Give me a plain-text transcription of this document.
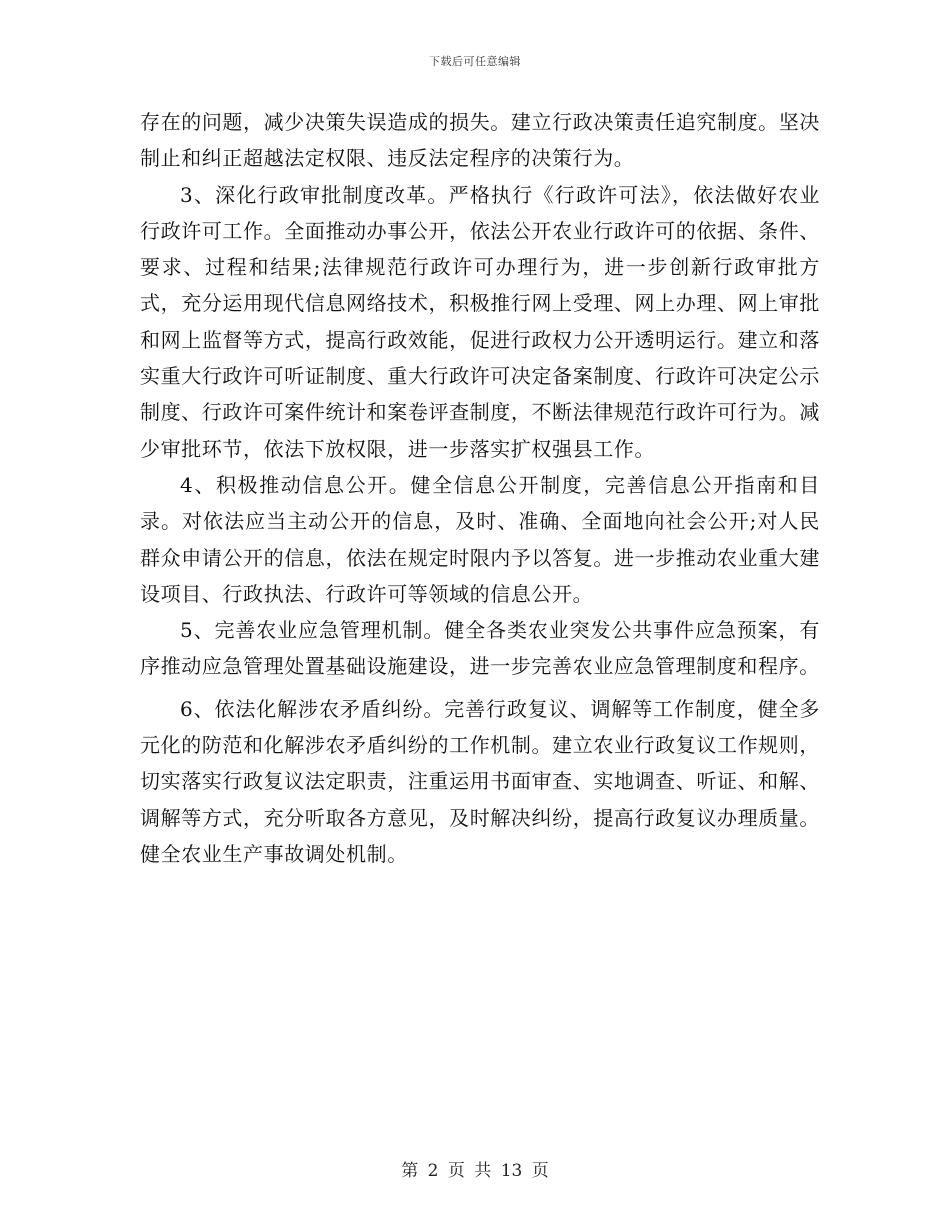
下载后可任意编辑

存在的问题，减少决策失误造成的损失。建立行政决策责任追究制度。坚决制止和纠正超越法定权限、违反法定程序的决策行为。

3、深化行政审批制度改革。严格执行《行政许可法》，依法做好农业行政许可工作。全面推动办事公开，依法公开农业行政许可的依据、条件、要求、过程和结果;法律规范行政许可办理行为，进一步创新行政审批方式，充分运用现代信息网络技术，积极推行网上受理、网上办理、网上审批和网上监督等方式，提高行政效能，促进行政权力公开透明运行。建立和落实重大行政许可听证制度、重大行政许可决定备案制度、行政许可决定公示制度、行政许可案件统计和案卷评查制度，不断法律规范行政许可行为。减少审批环节，依法下放权限，进一步落实扩权强县工作。

4、积极推动信息公开。健全信息公开制度，完善信息公开指南和目录。对依法应当主动公开的信息，及时、准确、全面地向社会公开;对人民群众申请公开的信息，依法在规定时限内予以答复。进一步推动农业重大建设项目、行政执法、行政许可等领域的信息公开。

5、完善农业应急管理机制。健全各类农业突发公共事件应急预案，有序推动应急管理处置基础设施建设，进一步完善农业应急管理制度和程序。

6、依法化解涉农矛盾纠纷。完善行政复议、调解等工作制度，健全多元化的防范和化解涉农矛盾纠纷的工作机制。建立农业行政复议工作规则，切实落实行政复议法定职责，注重运用书面审查、实地调查、听证、和解、调解等方式，充分听取各方意见，及时解决纠纷，提高行政复议办理质量。健全农业生产事故调处机制。

第 2 页 共 13 页
